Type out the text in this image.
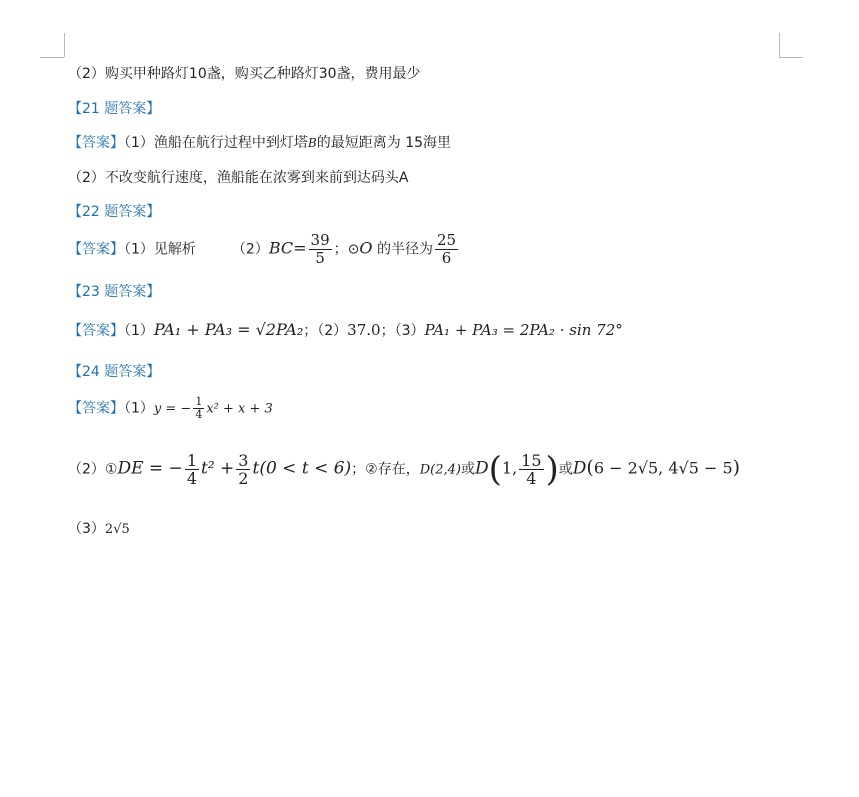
（2）购买甲种路灯10盏，购买乙种路灯30盏，费用最少
【21 题答案】
【答案】（1）渔船在航行过程中到灯塔B的最短距离为 15海里
（2）不改变航行速度，渔船能在浓雾到来前到达码头A
【22 题答案】
【答案】（1）见解析	$(2)BC= \frac{39}{5}$ ；⊙O 的半径为 $\frac{25}{6}$
【23 题答案】
【答案】（1）PA₁ + PA₃ = √2PA₂；（2）37.0；（3）PA₁ + PA₃ = 2PA₂ · sin 72°
【24 题答案】
【答案】（1）y = − $\frac{1}{4} x^2 + x + 3$
（2）①DE = − $\frac{1}{4} t^2 + \frac{3}{2} t(0 < t < 6)$；②存在，D(2,4)或D(1, $\frac{15}{4}$ )或D(6 − 2√5, 4√5 − 5)
（3）2√5
